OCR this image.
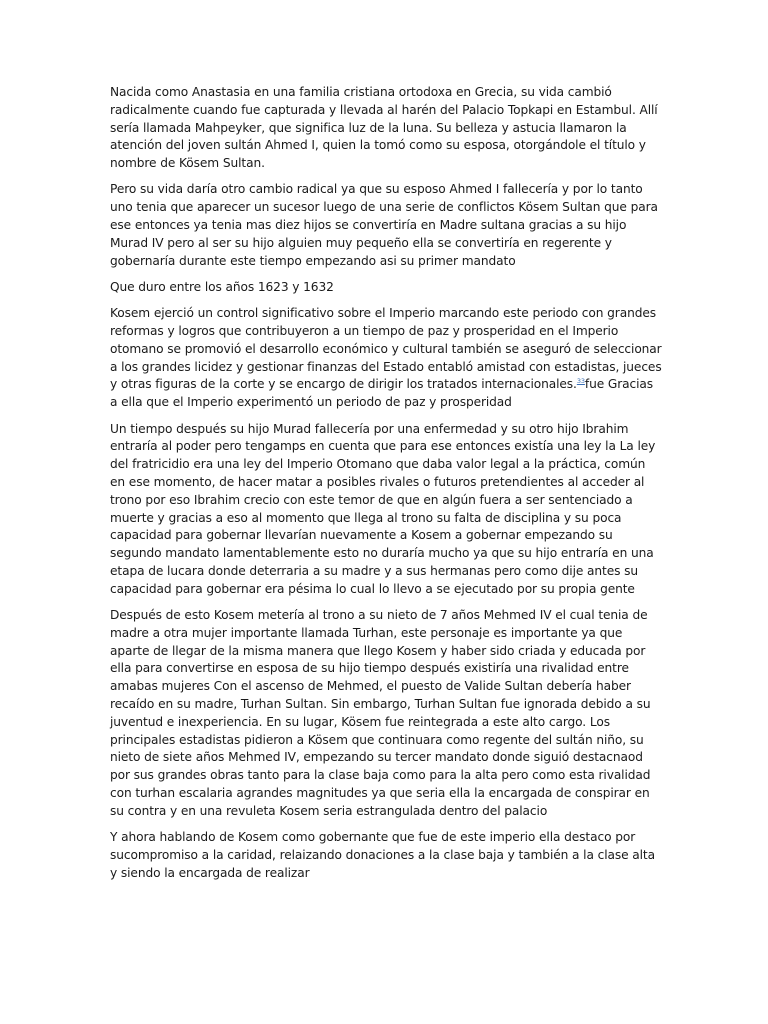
Nacida como Anastasia en una familia cristiana ortodoxa en Grecia, su vida cambió radicalmente cuando fue capturada y llevada al harén del Palacio Topkapi en Estambul. Allí sería llamada Mahpeyker, que significa luz de la luna. Su belleza y astucia llamaron la atención del joven sultán Ahmed I, quien la tomó como su esposa, otorgándole el título y nombre de Kösem Sultan.

Pero su vida daría otro cambio radical ya que su esposo Ahmed I fallecería y por lo tanto uno tenia que aparecer un sucesor luego de una serie de conflictos Kösem Sultan que para ese entonces ya tenia mas diez hijos se convertiría en Madre sultana gracias a su hijo Murad IV pero al ser su hijo alguien muy pequeño ella se convertiría en regerente y gobernaría durante este tiempo empezando asi su primer mandato

Que duro entre los años 1623 y 1632

Kosem ejerció un control significativo sobre el Imperio marcando este periodo con grandes reformas y logros que contribuyeron a un tiempo de paz y prosperidad en el Imperio otomano se promovió el desarrollo económico y cultural también se aseguró de seleccionar a los grandes licidez y gestionar finanzas del Estado entabló amistad con estadistas, jueces y otras figuras de la corte y se encargo de dirigir los tratados internacionales.$^{33}$fue Gracias a ella que el Imperio experimentó un periodo de paz y prosperidad

Un tiempo después su hijo Murad fallecería por una enfermedad y su otro hijo Ibrahim entraría al poder pero tengamps en cuenta que para ese entonces existía una ley la La ley del fratricidio era una ley del Imperio Otomano que daba valor legal a la práctica, común en ese momento, de hacer matar a posibles rivales o futuros pretendientes al acceder al trono por eso Ibrahim crecio con este temor de que en algún fuera a ser sentenciado a muerte y gracias a eso al momento que llega al trono su falta de disciplina y su poca capacidad para gobernar llevarían nuevamente a Kosem a gobernar empezando su segundo mandato lamentablemente esto no duraría mucho ya que su hijo entraría en una etapa de lucara donde deterraria a su madre y a sus hermanas pero como dije antes su capacidad para gobernar era pésima lo cual lo llevo a se ejecutado por su propia gente

Después de esto Kosem metería al trono a su nieto de 7 años Mehmed IV el cual tenia de madre a otra mujer importante llamada Turhan, este personaje es importante ya que aparte de llegar de la misma manera que llego Kosem y haber sido criada y educada por ella para convertirse en esposa de su hijo tiempo después existiría una rivalidad entre amabas mujeres Con el ascenso de Mehmed, el puesto de Valide Sultan debería haber recaído en su madre, Turhan Sultan. Sin embargo, Turhan Sultan fue ignorada debido a su juventud e inexperiencia. En su lugar, Kösem fue reintegrada a este alto cargo. Los principales estadistas pidieron a Kösem que continuara como regente del sultán niño, su nieto de siete años Mehmed IV, empezando su tercer mandato donde siguió destacnaod por sus grandes obras tanto para la clase baja como para la alta pero como esta rivalidad con turhan escalaria agrandes magnitudes ya que seria ella la encargada de conspirar en su contra y en una revuleta Kosem seria estrangulada dentro del palacio

Y ahora hablando de Kosem como gobernante que fue de este imperio ella destaco por sucompromiso a la caridad, relaizando donaciones a la clase baja y también a la clase alta y siendo la encargada de realizar
